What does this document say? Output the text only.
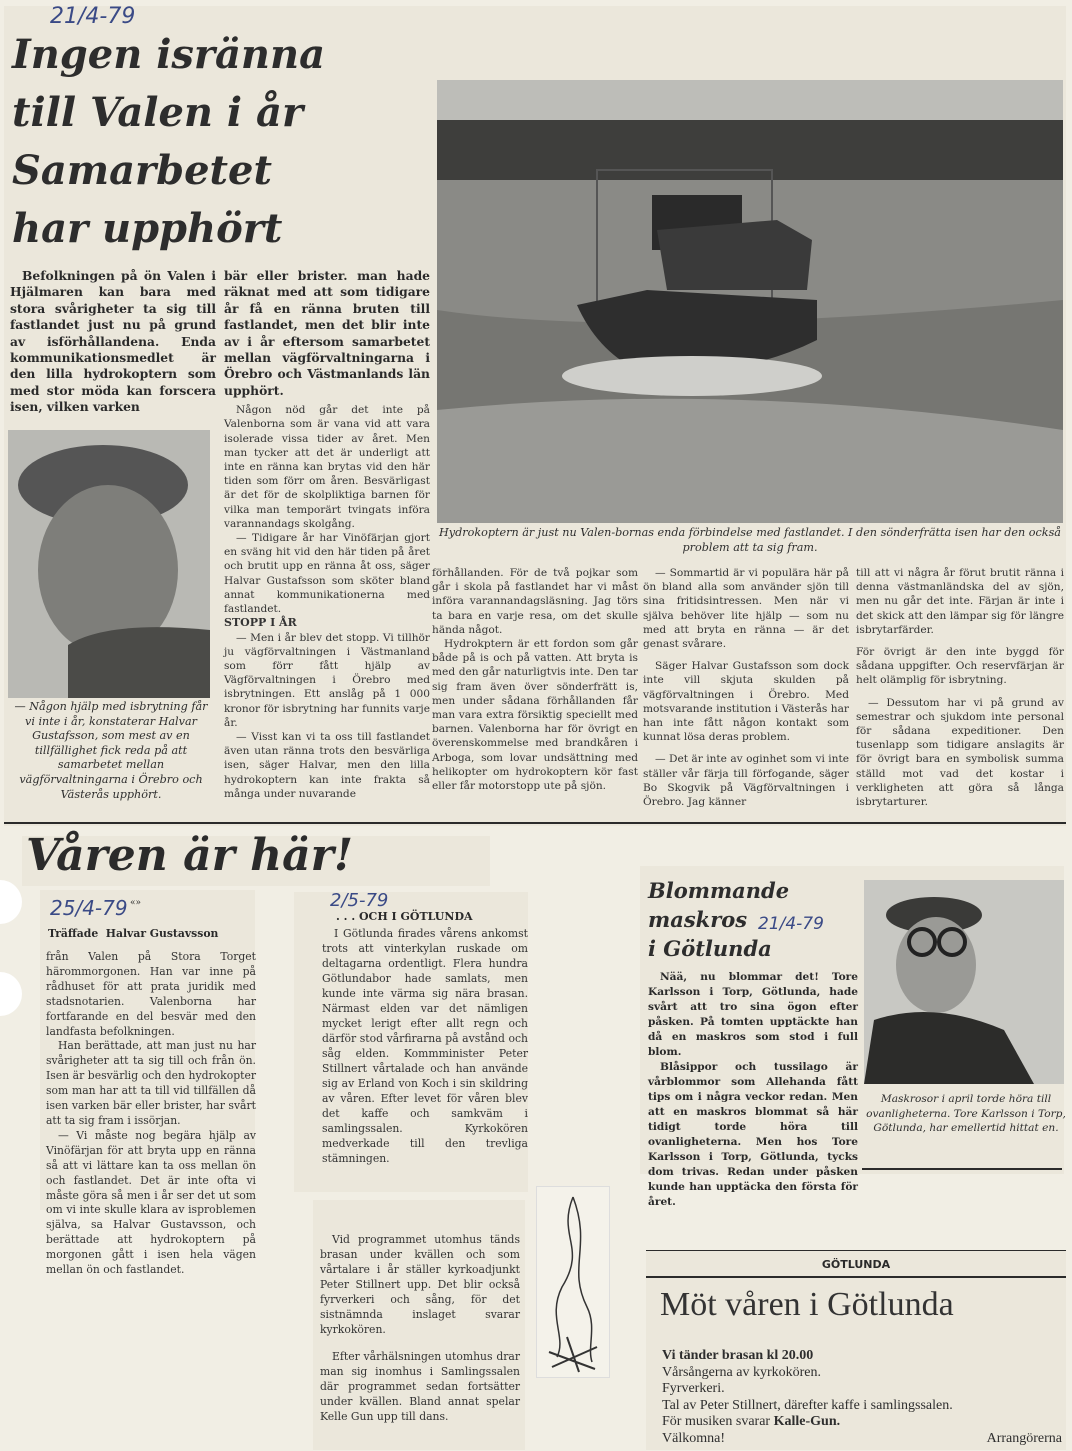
21/4-79
Ingen isränna
till Valen i år
Samarbetet
har upphört
Hydrokoptern är just nu Valen-bornas enda förbindelse med fastlandet. I den sönderfrätta isen har den också problem att ta sig fram.

Befolkningen på ön Valen i Hjälmaren kan bara med stora svårigheter ta sig till fastlandet just nu på grund av isförhållandena. Enda kommunikationsmedlet är den lilla hydrokoptern som med stor möda kan forscera isen, vilken varken

— Någon hjälp med isbrytning får vi inte i år, konstaterar Halvar Gustafsson, som mest av en tillfällighet fick reda på att samarbetet mellan vägförvaltningarna i Örebro och Västerås upphört.

bär eller brister. man hade räknat med att som tidigare år få en ränna bruten till fastlandet, men det blir inte av i år eftersom samarbetet mellan vägförvaltningarna i Örebro och Västmanlands län upphört.

Någon nöd går det inte på Valenborna som är vana vid att vara isolerade vissa tider av året. Men man tycker att det är underligt att inte en ränna kan brytas vid den här tiden som förr om åren. Besvärligast är det för de skolpliktiga barnen för vilka man temporärt tvingats införa varannandags skolgång.

— Tidigare år har Vinöfärjan gjort en sväng hit vid den här tiden på året och brutit upp en ränna åt oss, säger Halvar Gustafsson som sköter bland annat kommunikationerna med fastlandet.

STOPP I ÅR

— Men i år blev det stopp. Vi tillhör ju vägförvaltningen i Västmanland som förr fått hjälp av Vägförvaltningen i Örebro med isbrytningen. Ett anslåg på 1 000 kronor för isbrytning har funnits varje år.

— Visst kan vi ta oss till fastlandet även utan ränna trots den besvärliga isen, säger Halvar, men den lilla hydrokoptern kan inte frakta så många under nuvarande

förhållanden. För de två pojkar som går i skola på fastlandet har vi måst införa varannandagsläsning. Jag törs ta bara en varje resa, om det skulle hända något.

Hydrokptern är ett fordon som går både på is och på vatten. Att bryta is med den går naturligtvis inte. Den tar sig fram även över sönderfrätt is, men under sådana förhållanden får man vara extra försiktig speciellt med barnen. Valenborna har för övrigt en överenskommelse med brandkåren i Arboga, som lovar undsättning med helikopter om hydrokoptern kör fast eller får motorstopp ute på sjön.

— Sommartid är vi populära här på ön bland alla som använder sjön till sina fritidsintressen. Men när vi själva behöver lite hjälp — som nu med att bryta en ränna — är det genast svårare.

Säger Halvar Gustafsson som dock inte vill skjuta skulden på vägförvaltningen i Örebro. Med motsvarande institution i Västerås har han inte fått någon kontakt som kunnat lösa deras problem.

— Det är inte av oginhet som vi inte ställer vår färja till förfogande, säger Bo Skogvik på Vägförvaltningen i Örebro. Jag känner

till att vi några år förut brutit ränna i denna västmanländska del av sjön, men nu går det inte. Färjan är inte i det skick att den lämpar sig för längre isbrytarfärder.

För övrigt är den inte byggd för sådana uppgifter. Och reservfärjan är helt olämplig för isbrytning.

— Dessutom har vi på grund av semestrar och sjukdom inte personal för sådana expeditioner. Den tusenlapp som tidigare anslagits är för övrigt bara en symbolisk summa ställd mot vad det kostar i verkligheten att göra så långa isbrytarturer.

Våren är här!
25/4-79 «»
Träffade Halvar Gustavsson

från Valen på Stora Torget härommorgonen. Han var inne på rådhuset för att prata juridik med stadsnotarien. Valenborna har fortfarande en del besvär med den landfasta befolkningen.

Han berättade, att man just nu har svårigheter att ta sig till och från ön. Isen är besvärlig och den hydrokopter som man har att ta till vid tillfällen då isen varken bär eller brister, har svårt att ta sig fram i issörjan.

— Vi måste nog begära hjälp av Vinöfärjan för att bryta upp en ränna så att vi lättare kan ta oss mellan ön och fastlandet. Det är inte ofta vi måste göra så men i år ser det ut som om vi inte skulle klara av isproblemen själva, sa Halvar Gustavsson, och berättade att hydrokoptern på morgonen gått i isen hela vägen mellan ön och fastlandet.

2/5-79
. . . OCH I GÖTLUNDA

I Götlunda firades vårens ankomst trots att vinterkylan ruskade om deltagarna ordentligt. Flera hundra Götlundabor hade samlats, men kunde inte värma sig nära brasan. Närmast elden var det nämligen mycket lerigt efter allt regn och därför stod vårfirarna på avstånd och såg elden. Kommminister Peter Stillnert vårtalade och han använde sig av Erland von Koch i sin skildring av våren. Efter levet för våren blev det kaffe och samkväm i samlingssalen. Kyrkokören medverkade till den trevliga stämningen.

Vid programmet utomhus tänds brasan under kvällen och som vårtalare i år ställer kyrkoadjunkt Peter Stillnert upp. Det blir också fyrverkeri och sång, för det sistnämnda inslaget svarar kyrkokören.

Efter vårhälsningen utomhus drar man sig inomhus i Samlingssalen där programmet sedan fortsätter under kvällen. Bland annat spelar Kelle Gun upp till dans.

Blommande
maskros
i Götlunda
21/4-79

Nää, nu blommar det! Tore Karlsson i Torp, Götlunda, hade svårt att tro sina ögon efter påsken. På tomten upptäckte han då en maskros som stod i full blom.

Blåsippor och tussilago är vårblommor som Allehanda fått tips om i några veckor redan. Men att en maskros blommat så här tidigt torde höra till ovanligheterna. Men hos Tore Karlsson i Torp, Götlunda, tycks dom trivas. Redan under påsken kunde han upptäcka den första för året.

Maskrosor i april torde höra till ovanligheterna. Tore Karlsson i Torp, Götlunda, har emellertid hittat en.
GÖTLUNDA
Möt våren i Götlunda
Vi tänder brasan kl 20.00
Vårsångerna av kyrkokören.
Fyrverkeri.
Tal av Peter Stillnert, därefter kaffe i samlingssalen.
För musiken svarar Kalle-Gun.
Välkomna!	Arrangörerna
